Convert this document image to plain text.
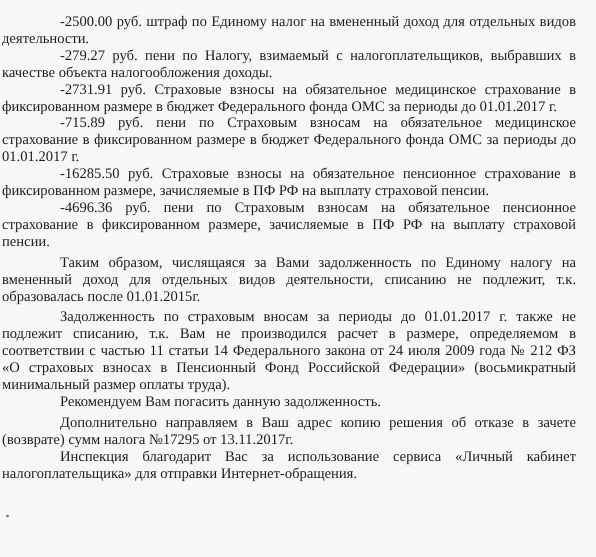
-2500.00 руб. штраф по Единому налог на вмененный доход для отдельных видов деятельности.

-279.27 руб. пени по Налогу, взимаемый с налогоплательщиков, выбравших в качестве объекта налогообложения доходы.

-2731.91 руб. Страховые взносы на обязательное медицинское страхование в фиксированном размере в бюджет Федерального фонда ОМС за периоды до 01.01.2017 г.

-715.89 руб. пени по Страховым взносам на обязательное медицинское страхование в фиксированном размере в бюджет Федерального фонда ОМС за периоды до 01.01.2017 г.

-16285.50 руб. Страховые взносы на обязательное пенсионное страхование в фиксированном размере, зачисляемые в ПФ РФ на выплату страховой пенсии.

-4696.36 руб. пени по Страховым взносам на обязательное пенсионное страхование в фиксированном размере, зачисляемые в ПФ РФ на выплату страховой пенсии.

Таким образом, числящаяся за Вами задолженность по Единому налогу на вмененный доход для отдельных видов деятельности, списанию не подлежит, т.к. образовалась после 01.01.2015г.

Задолженность по страховым вносам за периоды до 01.01.2017 г. также не подлежит списанию, т.к. Вам не производился расчет в размере, определяемом в соответствии с частью 11 статьи 14 Федерального закона от 24 июля 2009 года № 212 ФЗ «О страховых взносах в Пенсионный Фонд Российской Федерации» (восьмикратный минимальный размер оплаты труда).

Рекомендуем Вам погасить данную задолженность.

Дополнительно направляем в Ваш адрес копию решения об отказе в зачете (возврате) сумм налога №17295 от 13.11.2017г.

Инспекция благодарит Вас за использование сервиса «Личный кабинет налогоплательщика» для отправки Интернет-обращения.
